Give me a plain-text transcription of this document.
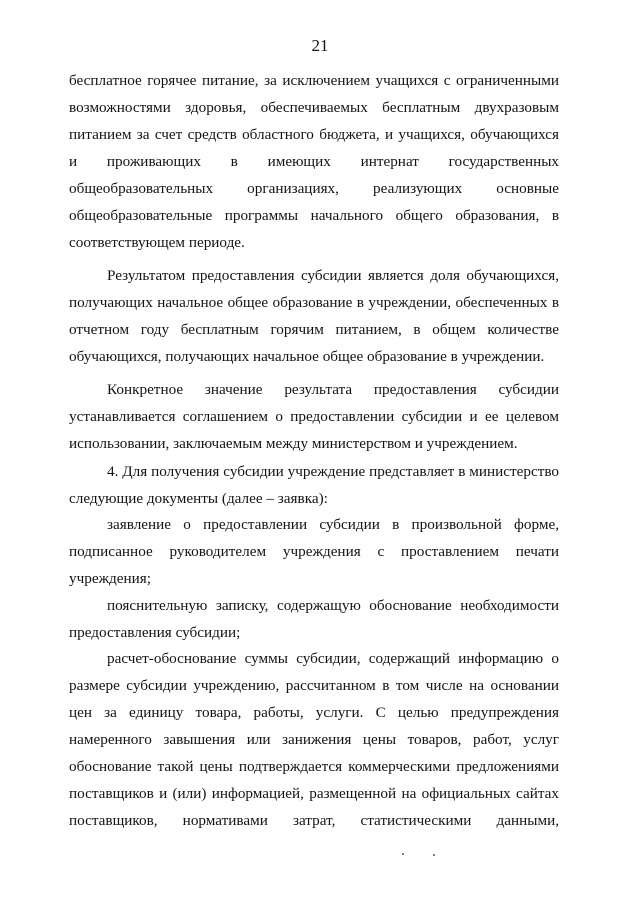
21
бесплатное горячее питание, за исключением учащихся с ограниченными
возможностями здоровья, обеспечиваемых бесплатным двухразовым
питанием за счет средств областного бюджета, и учащихся, обучающихся
и проживающих в имеющих интернат государственных
общеобразовательных организациях, реализующих основные
общеобразовательные программы начального общего образования, в
соответствующем периоде.
Результатом предоставления субсидии является доля обучающихся,
получающих начальное общее образование в учреждении, обеспеченных в
отчетном году бесплатным горячим питанием, в общем количестве
обучающихся, получающих начальное общее образование в учреждении.
Конкретное значение результата предоставления субсидии
устанавливается соглашением о предоставлении субсидии и ее целевом
использовании, заключаемым между министерством и учреждением.
4. Для получения субсидии учреждение представляет в министерство
следующие документы (далее – заявка):
заявление о предоставлении субсидии в произвольной форме,
подписанное руководителем учреждения с проставлением печати
учреждения;
пояснительную записку, содержащую обоснование необходимости
предоставления субсидии;
расчет-обоснование суммы субсидии, содержащий информацию о
размере субсидии учреждению, рассчитанном в том числе на основании
цен за единицу товара, работы, услуги. С целью предупреждения
намеренного завышения или занижения цены товаров, работ, услуг
обоснование такой цены подтверждается коммерческими предложениями
поставщиков и (или) информацией, размещенной на официальных сайтах
поставщиков, нормативами затрат, статистическими данными,
